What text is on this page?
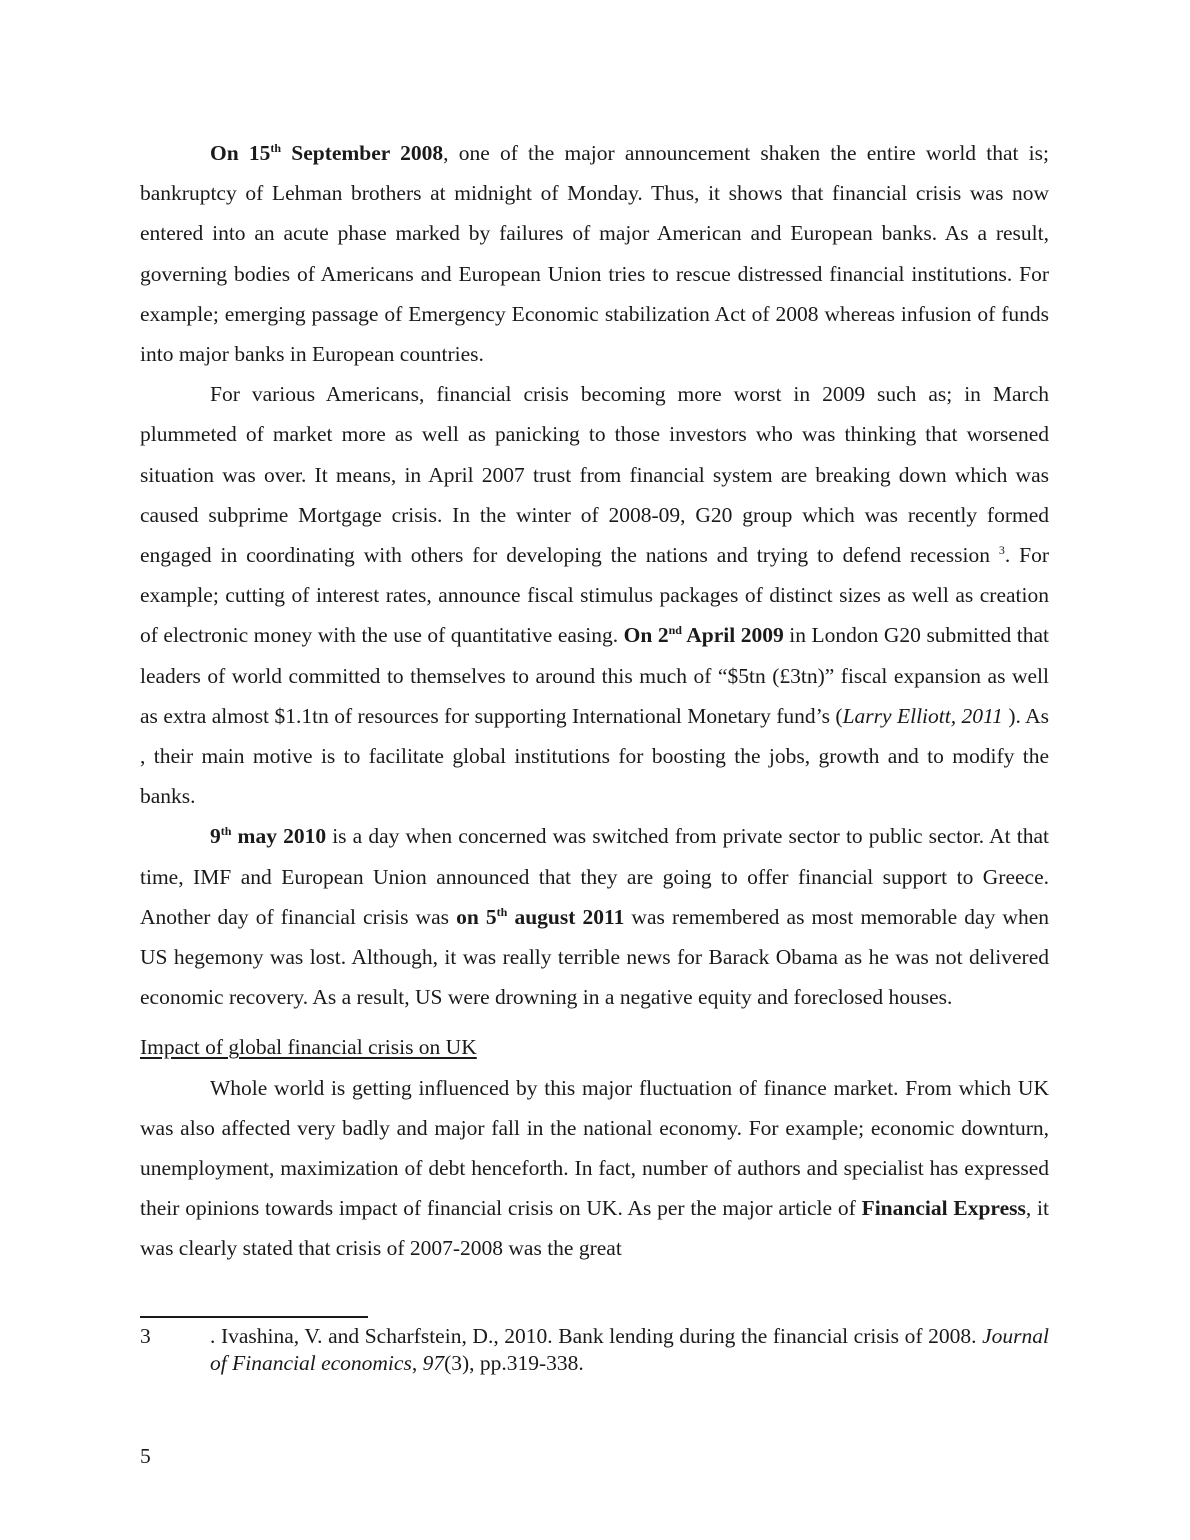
On 15th September 2008, one of the major announcement shaken the entire world that is; bankruptcy of Lehman brothers at midnight of Monday. Thus, it shows that financial crisis was now entered into an acute phase marked by failures of major American and European banks. As a result, governing bodies of Americans and European Union tries to rescue distressed financial institutions. For example; emerging passage of Emergency Economic stabilization Act of 2008 whereas infusion of funds into major banks in European countries.

For various Americans, financial crisis becoming more worst in 2009 such as; in March plummeted of market more as well as panicking to those investors who was thinking that worsened situation was over. It means, in April 2007 trust from financial system are breaking down which was caused subprime Mortgage crisis. In the winter of 2008-09, G20 group which was recently formed engaged in coordinating with others for developing the nations and trying to defend recession $^3$. For example; cutting of interest rates, announce fiscal stimulus packages of distinct sizes as well as creation of electronic money with the use of quantitative easing. On 2nd April 2009 in London G20 submitted that leaders of world committed to themselves to around this much of “$5tn (£3tn)” fiscal expansion as well as extra almost $1.1tn of resources for supporting International Monetary fund’s (Larry Elliott, 2011 ). As , their main motive is to facilitate global institutions for boosting the jobs, growth and to modify the banks.

9th may 2010 is a day when concerned was switched from private sector to public sector. At that time, IMF and European Union announced that they are going to offer financial support to Greece. Another day of financial crisis was on 5th august 2011 was remembered as most memorable day when US hegemony was lost. Although, it was really terrible news for Barack Obama as he was not delivered economic recovery. As a result, US were drowning in a negative equity and foreclosed houses.

Impact of global financial crisis on UK

Whole world is getting influenced by this major fluctuation of finance market. From which UK was also affected very badly and major fall in the national economy. For example; economic downturn, unemployment, maximization of debt henceforth. In fact, number of authors and specialist has expressed their opinions towards impact of financial crisis on UK. As per the major article of Financial Express, it was clearly stated that crisis of 2007-2008 was the great

3	. Ivashina, V. and Scharfstein, D., 2010. Bank lending during the financial crisis of 2008. Journal of Financial economics, 97(3), pp.319-338.
5
